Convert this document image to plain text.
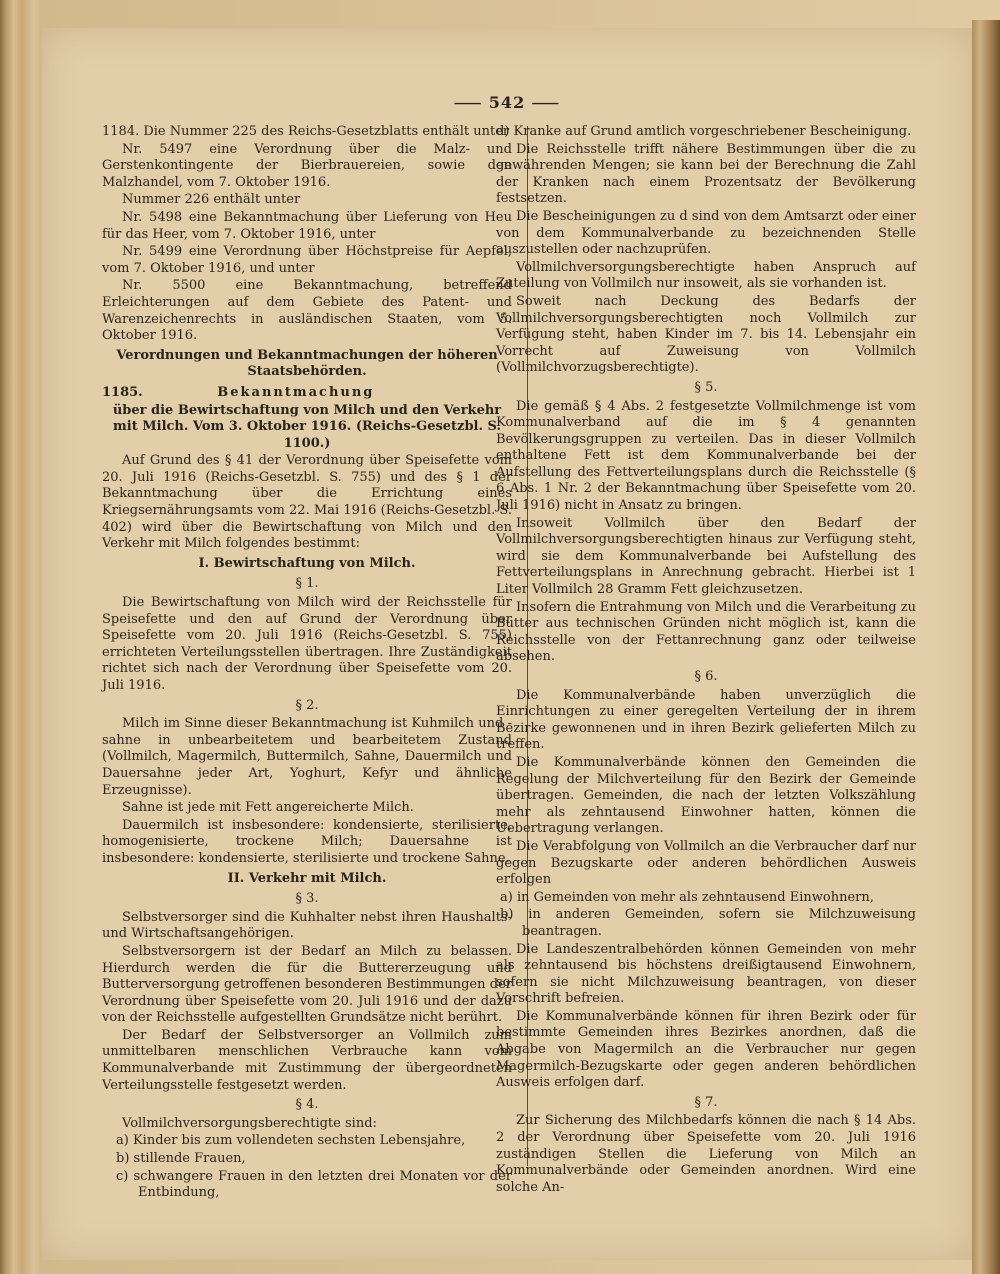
⸺ 542 ⸺

1184. Die Nummer 225 des Reichs-Gesetzblatts enthält unter

Nr. 5497 eine Verordnung über die Malz- und Gerstenkontingente der Bierbrauereien, sowie den Malzhandel, vom 7. Oktober 1916.

Nummer 226 enthält unter

Nr. 5498 eine Bekanntmachung über Lieferung von Heu für das Heer, vom 7. Oktober 1916, unter

Nr. 5499 eine Verordnung über Höchstpreise für Aepfel, vom 7. Oktober 1916, und unter

Nr. 5500 eine Bekanntmachung, betreffend Erleichterungen auf dem Gebiete des Patent- und Warenzeichenrechts in ausländischen Staaten, vom 5. Oktober 1916.

Verordnungen und Bekanntmachungen der höheren Staatsbehörden.

1185.	Bekanntmachung

über die Bewirtschaftung von Milch und den Verkehr mit Milch. Vom 3. Oktober 1916. (Reichs-Gesetzbl. S. 1100.)

Auf Grund des § 41 der Verordnung über Speisefette vom 20. Juli 1916 (Reichs-Gesetzbl. S. 755) und des § 1 der Bekanntmachung über die Errichtung eines Kriegsernährungsamts vom 22. Mai 1916 (Reichs-Gesetzbl. S. 402) wird über die Bewirtschaftung von Milch und den Verkehr mit Milch folgendes bestimmt:

I. Bewirtschaftung von Milch.

§ 1.

Die Bewirtschaftung von Milch wird der Reichsstelle für Speisefette und den auf Grund der Verordnung über Speisefette vom 20. Juli 1916 (Reichs-Gesetzbl. S. 755) errichteten Verteilungsstellen übertragen. Ihre Zuständigkeit richtet sich nach der Verordnung über Speisefette vom 20. Juli 1916.

§ 2.

Milch im Sinne dieser Bekanntmachung ist Kuhmilch und -sahne in unbearbeitetem und bearbeitetem Zustand (Vollmilch, Magermilch, Buttermilch, Sahne, Dauermilch und Dauersahne jeder Art, Yoghurt, Kefyr und ähnliche Erzeugnisse).

Sahne ist jede mit Fett angereicherte Milch.

Dauermilch ist insbesondere: kondensierte, sterilisierte, homogenisierte, trockene Milch; Dauersahne ist insbesondere: kondensierte, sterilisierte und trockene Sahne.

II. Verkehr mit Milch.

§ 3.

Selbstversorger sind die Kuhhalter nebst ihren Haushalts- und Wirtschaftsangehörigen.

Selbstversorgern ist der Bedarf an Milch zu belassen. Hierdurch werden die für die Buttererzeugung und Butterversorgung getroffenen besonderen Bestimmungen der Verordnung über Speisefette vom 20. Juli 1916 und der dazu von der Reichsstelle aufgestellten Grundsätze nicht berührt.

Der Bedarf der Selbstversorger an Vollmilch zum unmittelbaren menschlichen Verbrauche kann vom Kommunalverbande mit Zustimmung der übergeordneten Verteilungsstelle festgesetzt werden.

§ 4.

Vollmilchversorgungsberechtigte sind:

a) Kinder bis zum vollendeten sechsten Lebensjahre,

b) stillende Frauen,

c) schwangere Frauen in den letzten drei Monaten vor der Entbindung,

d) Kranke auf Grund amtlich vorgeschriebener Bescheinigung.

Die Reichsstelle trifft nähere Bestimmungen über die zu gewährenden Mengen; sie kann bei der Berechnung die Zahl der Kranken nach einem Prozentsatz der Bevölkerung festsetzen.

Die Bescheinigungen zu d sind von dem Amtsarzt oder einer von dem Kommunalverbande zu bezeichnenden Stelle auszustellen oder nachzuprüfen.

Vollmilchversorgungsberechtigte haben Anspruch auf Zuteilung von Vollmilch nur insoweit, als sie vorhanden ist.

Soweit nach Deckung des Bedarfs der Vollmilchversorgungsberechtigten noch Vollmilch zur Verfügung steht, haben Kinder im 7. bis 14. Lebensjahr ein Vorrecht auf Zuweisung von Vollmilch (Vollmilchvorzugsberechtigte).

§ 5.

Die gemäß § 4 Abs. 2 festgesetzte Vollmilchmenge ist vom Kommunalverband auf die im § 4 genannten Bevölkerungsgruppen zu verteilen. Das in dieser Vollmilch enthaltene Fett ist dem Kommunalverbande bei der Aufstellung des Fettverteilungsplans durch die Reichsstelle (§ 6 Abs. 1 Nr. 2 der Bekanntmachung über Speisefette vom 20. Juli 1916) nicht in Ansatz zu bringen.

Insoweit Vollmilch über den Bedarf der Vollmilchversorgungsberechtigten hinaus zur Verfügung steht, wird sie dem Kommunalverbande bei Aufstellung des Fettverteilungsplans in Anrechnung gebracht. Hierbei ist 1 Liter Vollmilch 28 Gramm Fett gleichzusetzen.

Insofern die Entrahmung von Milch und die Verarbeitung zu Butter aus technischen Gründen nicht möglich ist, kann die Reichsstelle von der Fettanrechnung ganz oder teilweise absehen.

§ 6.

Die Kommunalverbände haben unverzüglich die Einrichtungen zu einer geregelten Verteilung der in ihrem Bezirke gewonnenen und in ihren Bezirk gelieferten Milch zu treffen.

Die Kommunalverbände können den Gemeinden die Regelung der Milchverteilung für den Bezirk der Gemeinde übertragen. Gemeinden, die nach der letzten Volkszählung mehr als zehntausend Einwohner hatten, können die Uebertragung verlangen.

Die Verabfolgung von Vollmilch an die Verbraucher darf nur gegen Bezugskarte oder anderen behördlichen Ausweis erfolgen

a) in Gemeinden von mehr als zehntausend Einwohnern,

b) in anderen Gemeinden, sofern sie Milchzuweisung beantragen.

Die Landeszentralbehörden können Gemeinden von mehr als zehntausend bis höchstens dreißigtausend Einwohnern, sofern sie nicht Milchzuweisung beantragen, von dieser Vorschrift befreien.

Die Kommunalverbände können für ihren Bezirk oder für bestimmte Gemeinden ihres Bezirkes anordnen, daß die Abgabe von Magermilch an die Verbraucher nur gegen Magermilch-Bezugskarte oder gegen anderen behördlichen Ausweis erfolgen darf.

§ 7.

Zur Sicherung des Milchbedarfs können die nach § 14 Abs. 2 der Verordnung über Speisefette vom 20. Juli 1916 zuständigen Stellen die Lieferung von Milch an Kommunalverbände oder Gemeinden anordnen. Wird eine solche An-
